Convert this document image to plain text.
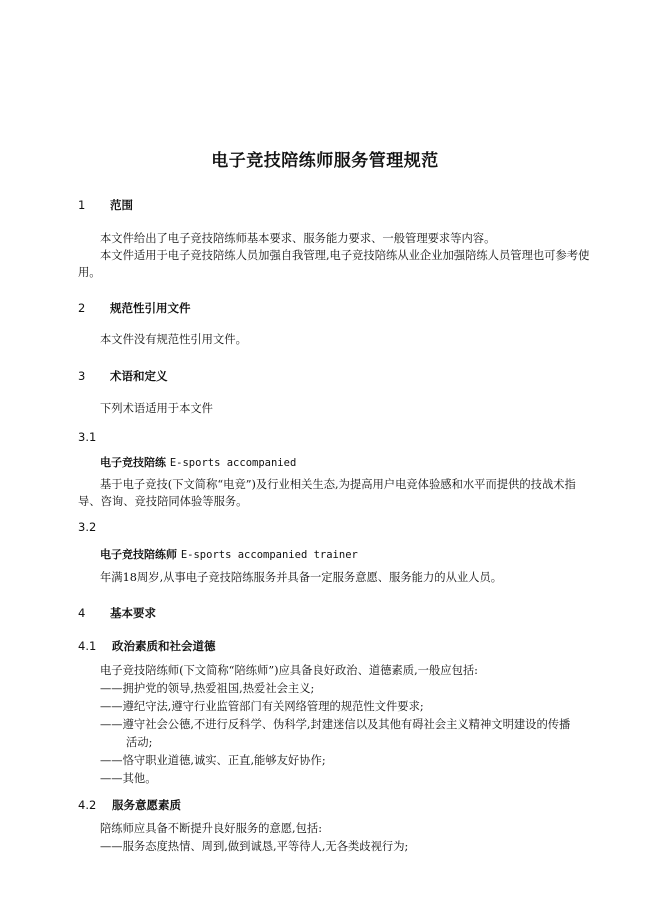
电子竞技陪练师服务管理规范
1 范围
本文件给出了电子竞技陪练师基本要求、服务能力要求、一般管理要求等内容。
本文件适用于电子竞技陪练人员加强自我管理,电子竞技陪练从业企业加强陪练人员管理也可参考使用。
2 规范性引用文件
本文件没有规范性引用文件。
3 术语和定义
下列术语适用于本文件
3.1
电子竞技陪练 E-sports accompanied
基于电子竞技(下文简称“电竞”)及行业相关生态,为提高用户电竞体验感和水平而提供的技战术指导、咨询、竞技陪同体验等服务。
3.2
电子竞技陪练师 E-sports accompanied trainer
年满18周岁,从事电子竞技陪练服务并具备一定服务意愿、服务能力的从业人员。
4 基本要求
4.1 政治素质和社会道德
电子竞技陪练师(下文简称“陪练师”)应具备良好政治、道德素质,一般应包括:
——拥护党的领导,热爱祖国,热爱社会主义;
——遵纪守法,遵守行业监管部门有关网络管理的规范性文件要求;
——遵守社会公德,不进行反科学、伪科学,封建迷信以及其他有碍社会主义精神文明建设的传播
活动;
——恪守职业道德,诚实、正直,能够友好协作;
——其他。
4.2 服务意愿素质
陪练师应具备不断提升良好服务的意愿,包括:
——服务态度热情、周到,做到诚恳,平等待人,无各类歧视行为;
